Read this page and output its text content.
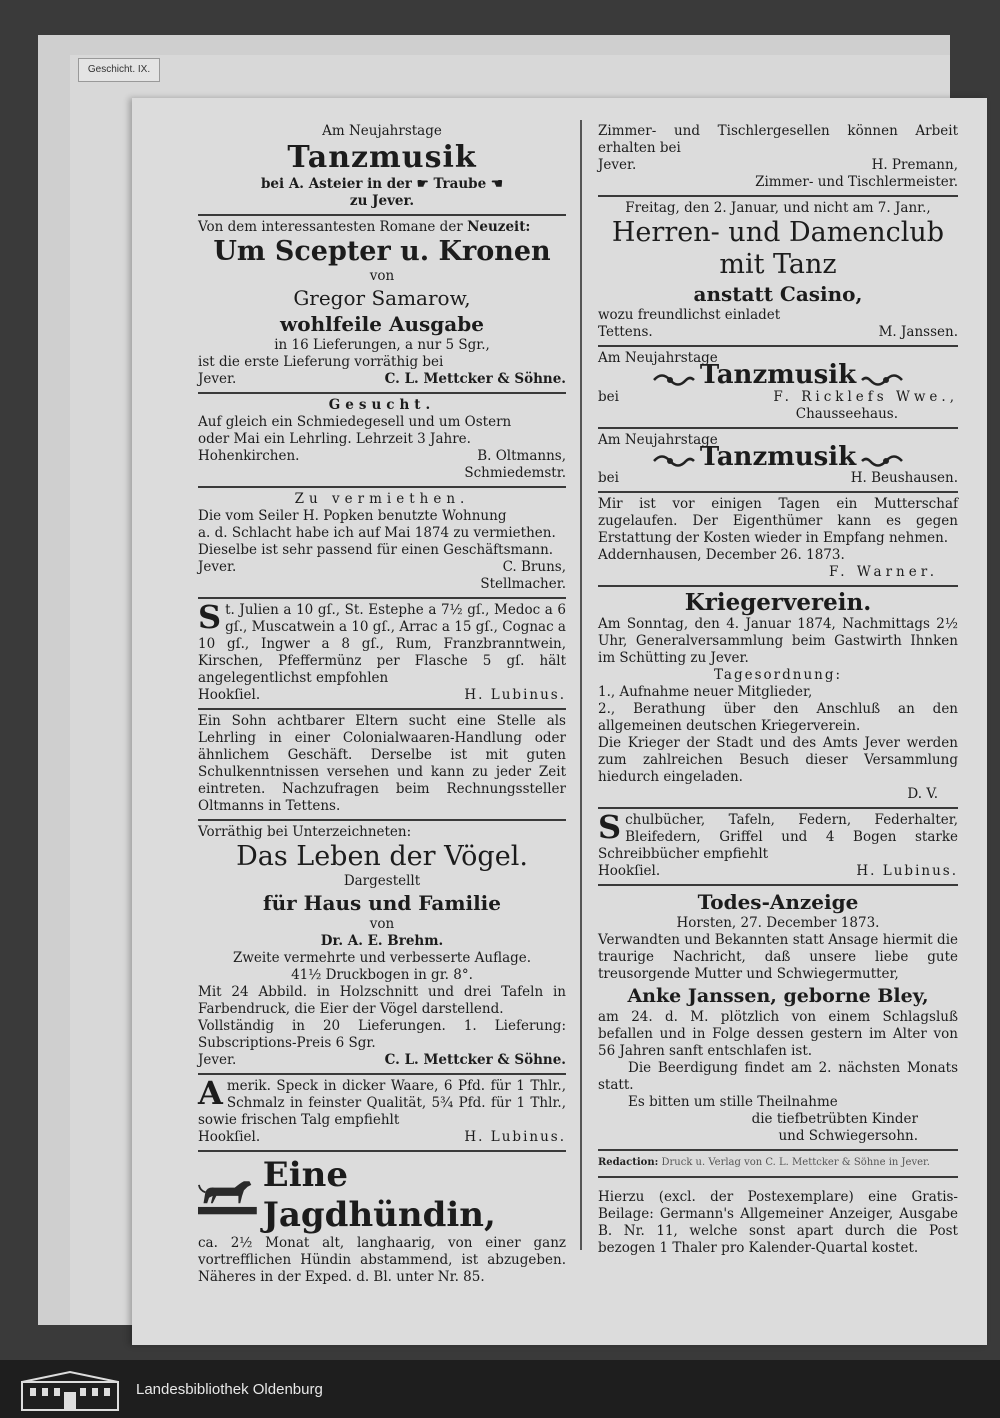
Geschicht. IX.
Am Neujahrstage
Tanzmusik
bei A. Asteier in der ☛ Traube ☚
zu Jever.
Von dem interessantesten Romane der Neuzeit:
Um Scepter u. Kronen
von
Gregor Samarow,
wohlfeile Ausgabe
in 16 Lieferungen, a nur 5 Sgr.,
ist die erste Lieferung vorräthig bei
Jever.	C. L. Mettcker & Söhne.
Gesucht.
Auf gleich ein Schmiedegesell und um Ostern
oder Mai ein Lehrling. Lehrzeit 3 Jahre.
Hohenkirchen.	B. Oltmanns,
Schmiedemstr.
Zu vermiethen.
Die vom Seiler H. Popken benutzte Wohnung
a. d. Schlacht habe ich auf Mai 1874 zu vermiethen.
Dieselbe ist sehr passend für einen Geschäftsmann.
Jever.	C. Bruns,
Stellmacher.
St. Julien a 10 gſ., St. Estephe a 7½ gſ., Medoc a 6 gſ., Muscatwein a 10 gſ., Arrac a 15 gſ., Cognac a 10 gſ., Ingwer a 8 gſ., Rum, Franzbranntwein, Kirschen, Pfeffermünz per Flasche 5 gſ. hält angelegentlichst empfohlen
Hookſiel.	H. Lubinus.
Ein Sohn achtbarer Eltern sucht eine Stelle als Lehrling in einer Colonialwaaren-Handlung oder ähnlichem Geschäft. Derselbe ist mit guten Schulkenntnissen versehen und kann zu jeder Zeit eintreten. Nachzufragen beim Rechnungssteller Oltmanns in Tettens.
Vorräthig bei Unterzeichneten:
Das Leben der Vögel.
Dargestellt
für Haus und Familie
von
Dr. A. E. Brehm.
Zweite vermehrte und verbesserte Auflage.
41½ Druckbogen in gr. 8°.
Mit 24 Abbild. in Holzschnitt und drei Tafeln in Farbendruck, die Eier der Vögel darstellend.
Vollständig in 20 Lieferungen. 1. Lieferung: Subscriptions-Preis 6 Sgr.
Jever.	C. L. Mettcker & Söhne.
Amerik. Speck in dicker Waare, 6 Pfd. für 1 Thlr., Schmalz in feinster Qualität, 5¾ Pfd. für 1 Thlr., sowie frischen Talg empfiehlt
Hookſiel.	H. Lubinus.
Eine Jagdhündin,
ca. 2½ Monat alt, langhaarig, von einer ganz vortrefflichen Hündin abstammend, ist abzugeben. Näheres in der Exped. d. Bl. unter Nr. 85.
Zimmer- und Tischlergesellen können Arbeit erhalten bei
Jever.	H. Premann,
Zimmer- und Tischlermeister.
Freitag, den 2. Januar, und nicht am 7. Janr.,
Herren- und Damenclub
mit Tanz
anstatt Casino,
wozu freundlichst einladet
Tettens.	M. Janssen.
Am Neujahrstage
Tanzmusik
bei	F. Ricklefs Wwe.,
Chausseehaus.
Am Neujahrstage
Tanzmusik
bei	H. Beushausen.
Mir ist vor einigen Tagen ein Mutterschaf zugelaufen. Der Eigenthümer kann es gegen Erstattung der Kosten wieder in Empfang nehmen.
Addernhausen, December 26. 1873.
F. Warner.
Kriegerverein.
Am Sonntag, den 4. Januar 1874, Nachmittags 2½ Uhr, Generalversammlung beim Gastwirth Ihnken im Schütting zu Jever.
Tagesordnung:
1., Aufnahme neuer Mitglieder,
2., Berathung über den Anschluß an den allgemeinen deutschen Kriegerverein.
Die Krieger der Stadt und des Amts Jever werden zum zahlreichen Besuch dieser Versammlung hiedurch eingeladen.
D. V.
Schulbücher, Tafeln, Federn, Federhalter, Bleifedern, Griffel und 4 Bogen starke Schreibbücher empfiehlt
Hookſiel.	H. Lubinus.
Todes-Anzeige
Horsten, 27. December 1873.
Verwandten und Bekannten statt Ansage hiermit die traurige Nachricht, daß unsere liebe gute treusorgende Mutter und Schwiegermutter,
Anke Janssen, geborne Bley,
am 24. d. M. plötzlich von einem Schlagsluß befallen und in Folge dessen gestern im Alter von 56 Jahren sanft entschlafen ist.
Die Beerdigung findet am 2. nächsten Monats statt.
Es bitten um stille Theilnahme
die tiefbetrübten Kinder
und Schwiegersohn.
Redaction: Druck u. Verlag von C. L. Mettcker & Söhne in Jever.
Hierzu (excl. der Postexemplare) eine Gratis-Beilage: Germann's Allgemeiner Anzeiger, Ausgabe B. Nr. 11, welche sonst apart durch die Post bezogen 1 Thaler pro Kalender-Quartal kostet.
Landesbibliothek Oldenburg
